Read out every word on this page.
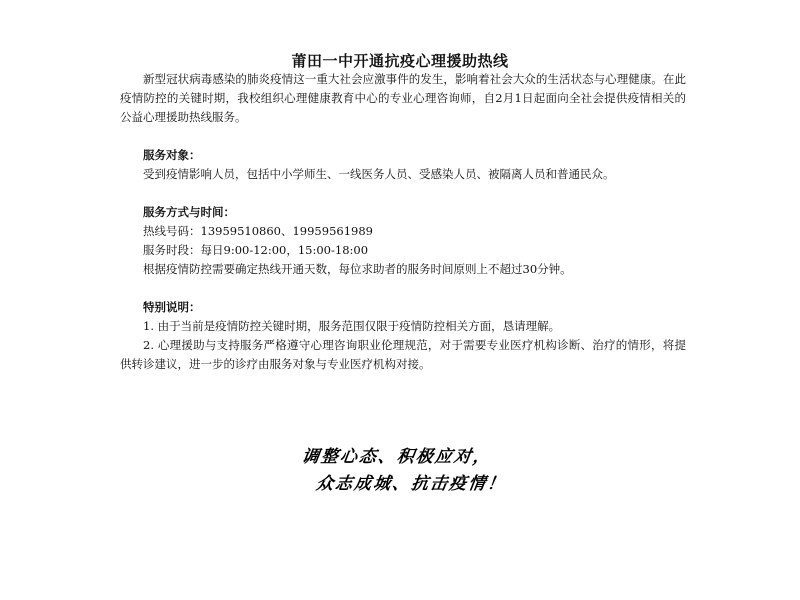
莆田一中开通抗疫心理援助热线

新型冠状病毒感染的肺炎疫情这一重大社会应激事件的发生，影响着社会大众的生活状态与心理健康。在此疫情防控的关键时期，我校组织心理健康教育中心的专业心理咨询师，自2月1日起面向全社会提供疫情相关的公益心理援助热线服务。

服务对象：

受到疫情影响人员，包括中小学师生、一线医务人员、受感染人员、被隔离人员和普通民众。

服务方式与时间：

热线号码：13959510860、19959561989

服务时段：每日9:00-12:00，15:00-18:00

根据疫情防控需要确定热线开通天数，每位求助者的服务时间原则上不超过30分钟。

特别说明：

1. 由于当前是疫情防控关键时期，服务范围仅限于疫情防控相关方面，恳请理解。

2. 心理援助与支持服务严格遵守心理咨询职业伦理规范，对于需要专业医疗机构诊断、治疗的情形，将提供转诊建议，进一步的诊疗由服务对象与专业医疗机构对接。

调整心态、积极应对，
众志成城、抗击疫情！
